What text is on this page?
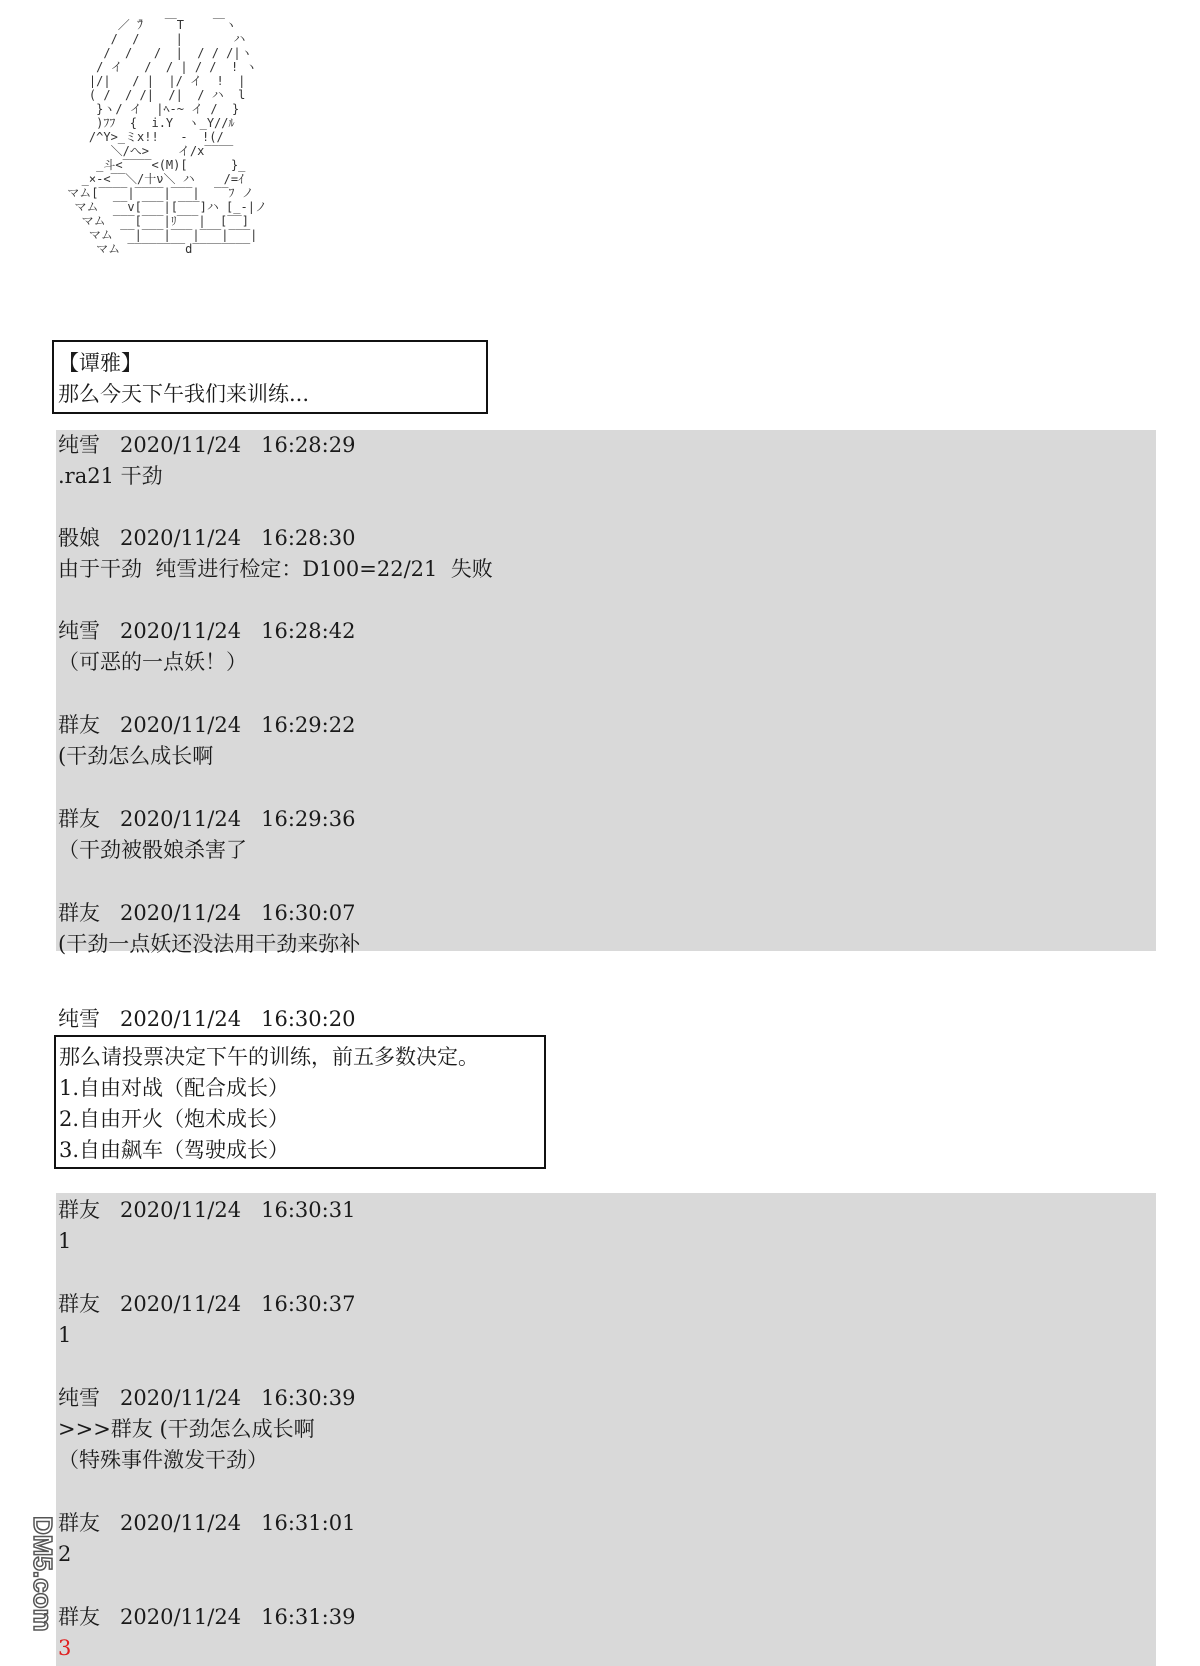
／ ̄ﾌ   ￣T    ￣ヽ
/  /     |       ハ
/  /   /  |  / / /|ヽ
/ イ   /  / | / /  ! ヽ
|/|   / |  |/ イ  !  |
( /  / /|  /|  / ハ  l
}ヽ/ イ  |ﾍ-~ イ /  }
)ﾌﾌ  {  i.Y  ヽ_Y//ﾙ
/^Y>_ミx!!   -  !(/
＼/へ>    イ/x‾‾‾‾
_斗<‾‾‾‾<(M)[      }_
_×-<‾‾＼/十ν＼ ハ    /=ｲ
マム[‾‾‾‾|‾‾‾‾|‾‾‾|  ‾‾ﾌ ノ
マム  ‾‾v[‾‾‾|[‾‾‾]ハ [_-|ノ
マム ‾‾‾[‾‾‾|ﾘ‾‾‾|  [‾‾]
マム ‾‾|‾‾‾|‾‾‾|‾‾‾|‾‾‾|
マム ‾‾‾‾‾‾‾‾d‾‾‾‾‾‾‾‾

【谭雅】
那么今天下午我们来训练...
纯雪 2020/11/24 16:28:29
.ra21 干劲
骰娘 2020/11/24 16:28:30
由于干劲  纯雪进行检定：D100=22/21  失败
纯雪 2020/11/24 16:28:42
（可恶的一点妖！）
群友 2020/11/24 16:29:22
(干劲怎么成长啊
群友 2020/11/24 16:29:36
（干劲被骰娘杀害了
群友 2020/11/24 16:30:07
(干劲一点妖还没法用干劲来弥补
纯雪 2020/11/24 16:30:20
那么请投票决定下午的训练，前五多数决定。
1.自由对战（配合成长）
2.自由开火（炮术成长）
3.自由飙车（驾驶成长）
群友 2020/11/24 16:30:31
1
群友 2020/11/24 16:30:37
1
纯雪 2020/11/24 16:30:39
>>>群友 (干劲怎么成长啊
（特殊事件激发干劲）
群友 2020/11/24 16:31:01
2
群友 2020/11/24 16:31:39
3
DM5.com
